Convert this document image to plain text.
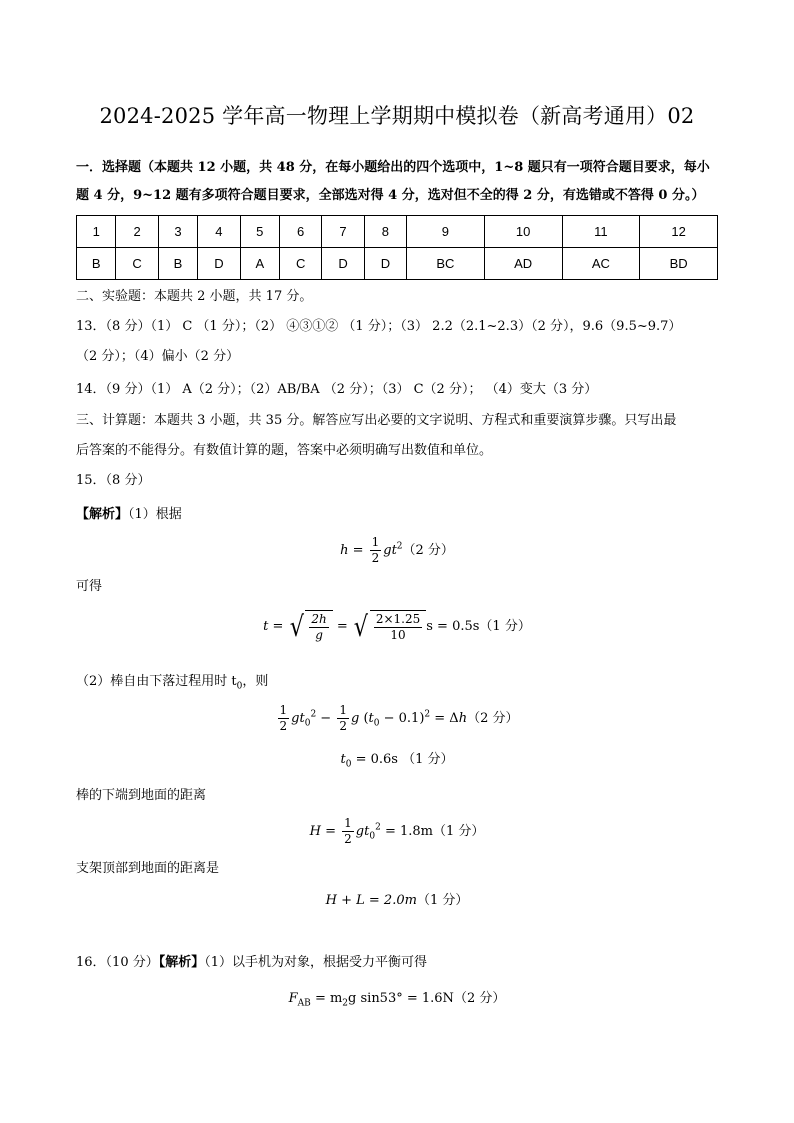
2024-2025 学年高一物理上学期期中模拟卷（新高考通用）02
一．选择题（本题共 12 小题，共 48 分，在每小题给出的四个选项中，1~8 题只有一项符合题目要求，每小
题 4 分，9~12 题有多项符合题目要求，全部选对得 4 分，选对但不全的得 2 分，有选错或不答得 0 分。）
1	2	3	4	5	6	7	8	9	10	11	12
B	C	B	D	A	C	D	D	BC	AD	AC	BD
二、实验题：本题共 2 小题，共 17 分。
13．（8 分）（1） C （1 分）；（2） ④③①② （1 分）；（3） 2.2（2.1~2.3）（2 分），9.6（9.5~9.7）
（2 分）；（4）偏小（2 分）
14．（9 分）（1） A（2 分）；（2）AB/BA （2 分）；（3） C（2 分）； （4）变大（3 分）
三、计算题：本题共 3 小题，共 35 分。解答应写出必要的文字说明、方程式和重要演算步骤。只写出最
后答案的不能得分。有数值计算的题，答案中必须明确写出数值和单位。
15．（8 分）
【解析】（1）根据
$h = \frac{1}{2} gt^2(2$ 分）
可得
t = √ $\frac{2h}{g}$ = √ $\frac{2\times 1.25}{10}$ s = 0.5s（1 分）
（2）棒自由下落过程用时 $t_0$，则
$\frac{1}{2} gt_0^2 - \frac{1}{2}$ g $(t_0 - 0.1)^2 = \Delta h(2$ 分）
$t_0 = 0.6s$ （1 分）
棒的下端到地面的距离
$H = \frac{1}{2} gt_0^2 = 1.8m(1$ 分）
支架顶部到地面的距离是
H + L = 2.0m（1 分）
16．（10 分）【解析】（1）以手机为对象，根据受力平衡可得
$F_{AB} = m_2g$ sin53° = 1.6N（2 分）
